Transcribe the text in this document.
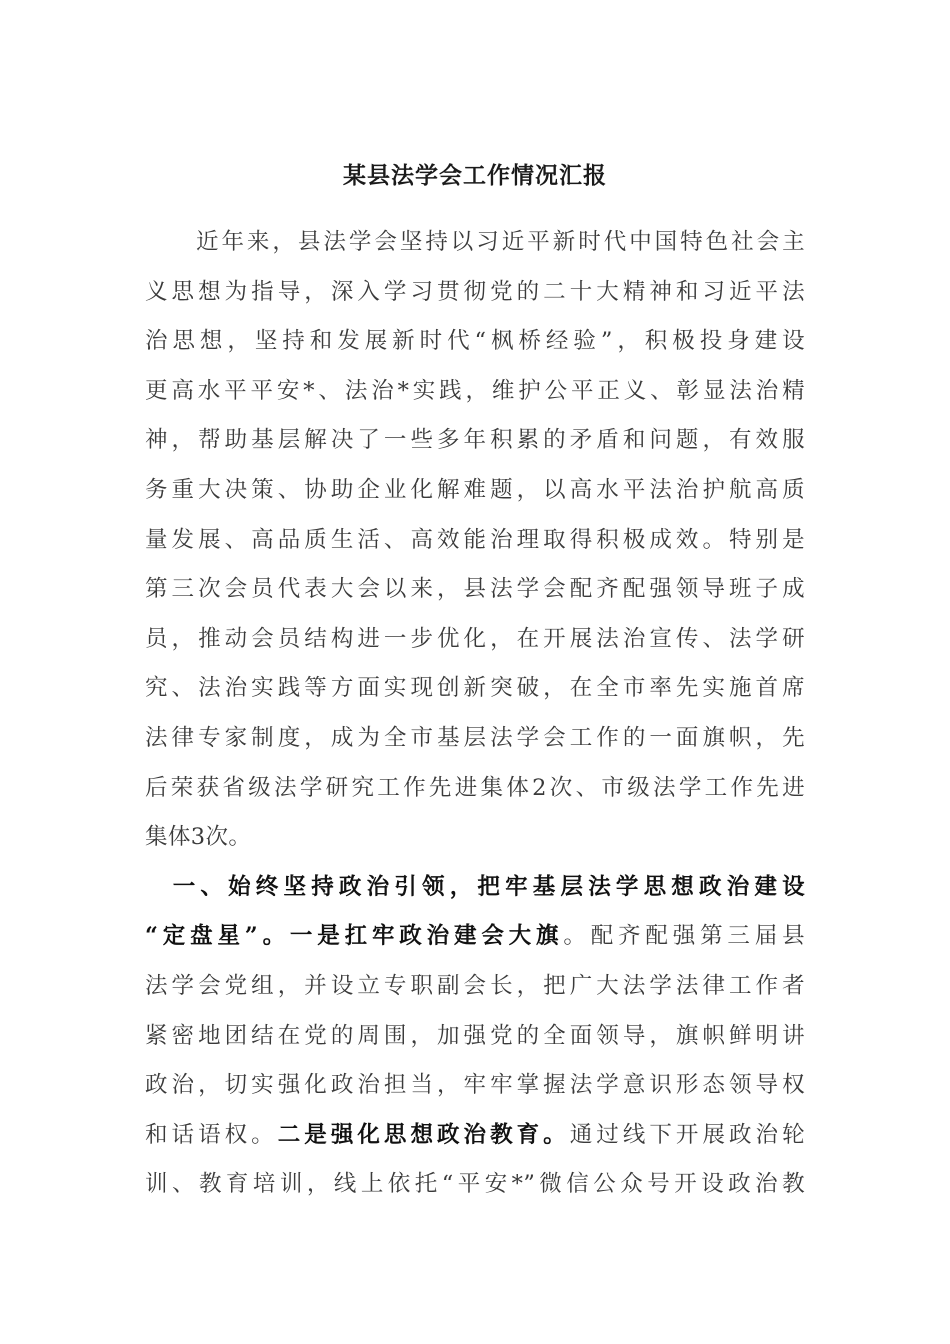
某县法学会工作情况汇报
　　近年来，县法学会坚持以习近平新时代中国特色社会主
义思想为指导，深入学习贯彻党的二十大精神和习近平法
治思想，坚持和发展新时代“枫桥经验”，积极投身建设
更高水平平安*、法治*实践，维护公平正义、彰显法治精
神，帮助基层解决了一些多年积累的矛盾和问题，有效服
务重大决策、协助企业化解难题，以高水平法治护航高质
量发展、高品质生活、高效能治理取得积极成效。特别是
第三次会员代表大会以来，县法学会配齐配强领导班子成
员，推动会员结构进一步优化，在开展法治宣传、法学研
究、法治实践等方面实现创新突破，在全市率先实施首席
法律专家制度，成为全市基层法学会工作的一面旗帜，先
后荣获省级法学研究工作先进集体2次、市级法学工作先进
集体3次。
　一、始终坚持政治引领，把牢基层法学思想政治建设
“定盘星”。一是扛牢政治建会大旗。配齐配强第三届县
法学会党组，并设立专职副会长，把广大法学法律工作者
紧密地团结在党的周围，加强党的全面领导，旗帜鲜明讲
政治，切实强化政治担当，牢牢掌握法学意识形态领导权
和话语权。二是强化思想政治教育。通过线下开展政治轮
训、教育培训，线上依托“平安*”微信公众号开设政治教
